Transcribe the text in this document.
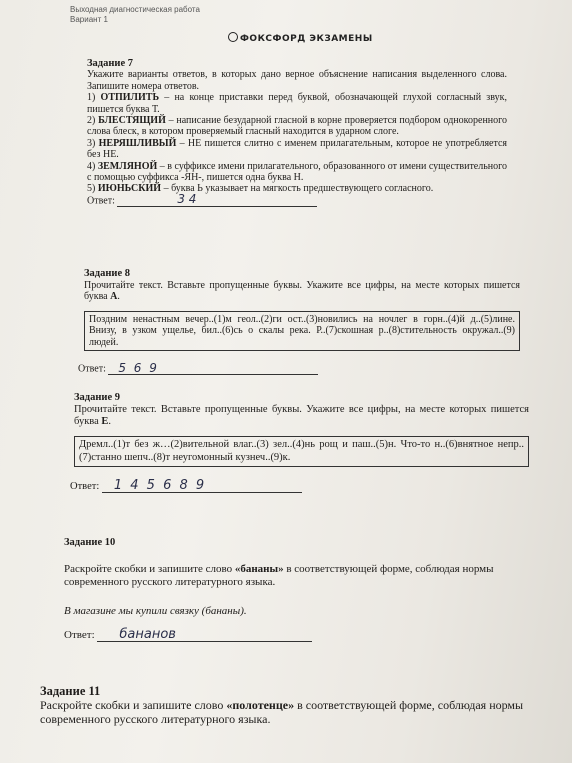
Выходная диагностическая работа
Вариант 1
ФОКСФОРД ЭКЗАМЕНЫ
Задание 7
Укажите варианты ответов, в которых дано верное объяснение написания выделенного слова. Запишите номера ответов.
1) ОТПИЛИТЬ – на конце приставки перед буквой, обозначающей глухой согласный звук, пишется буква Т.
2) БЛЕСТЯЩИЙ – написание безударной гласной в корне проверяется подбором однокоренного слова блеск, в котором проверяемый гласный находится в ударном слоге.
3) НЕРЯШЛИВЫЙ – НЕ пишется слитно с именем прилагательным, которое не употребляется без НЕ.
4) ЗЕМЛЯНОЙ – в суффиксе имени прилагательного, образованного от имени существительного с помощью суффикса -ЯН-, пишется одна буква Н.
5) ИЮНЬСКИЙ – буква Ь указывает на мягкость предшествующего согласного.
Ответ:	3 4
Задание 8
Прочитайте текст. Вставьте пропущенные буквы. Укажите все цифры, на месте которых пишется буква А.
Поздним ненастным вечер..(1)м геол..(2)ги ост..(3)новились на ночлег в горн..(4)й д..(5)лине. Внизу, в узком ущелье, бил..(6)сь о скалы река. Р..(7)скошная р..(8)стительность окружал..(9) людей.
Ответ: 5 6 9
Задание 9
Прочитайте текст. Вставьте пропущенные буквы. Укажите все цифры, на месте которых пишется буква Е.
Дремл..(1)т без ж…(2)вительной влаг..(3) зел..(4)нь рощ и паш..(5)н. Что-то н..(6)внятное непр..(7)станно шепч..(8)т неугомонный кузнеч..(9)к.
Ответ: 1 4 5 6 8 9
Задание 10
Раскройте скобки и запишите слово «бананы» в соответствующей форме, соблюдая нормы современного русского литературного языка.
В магазине мы купили связку (бананы).
Ответ: бананов
Задание 11
Раскройте скобки и запишите слово «полотенце» в соответствующей форме, соблюдая нормы современного русского литературного языка.
